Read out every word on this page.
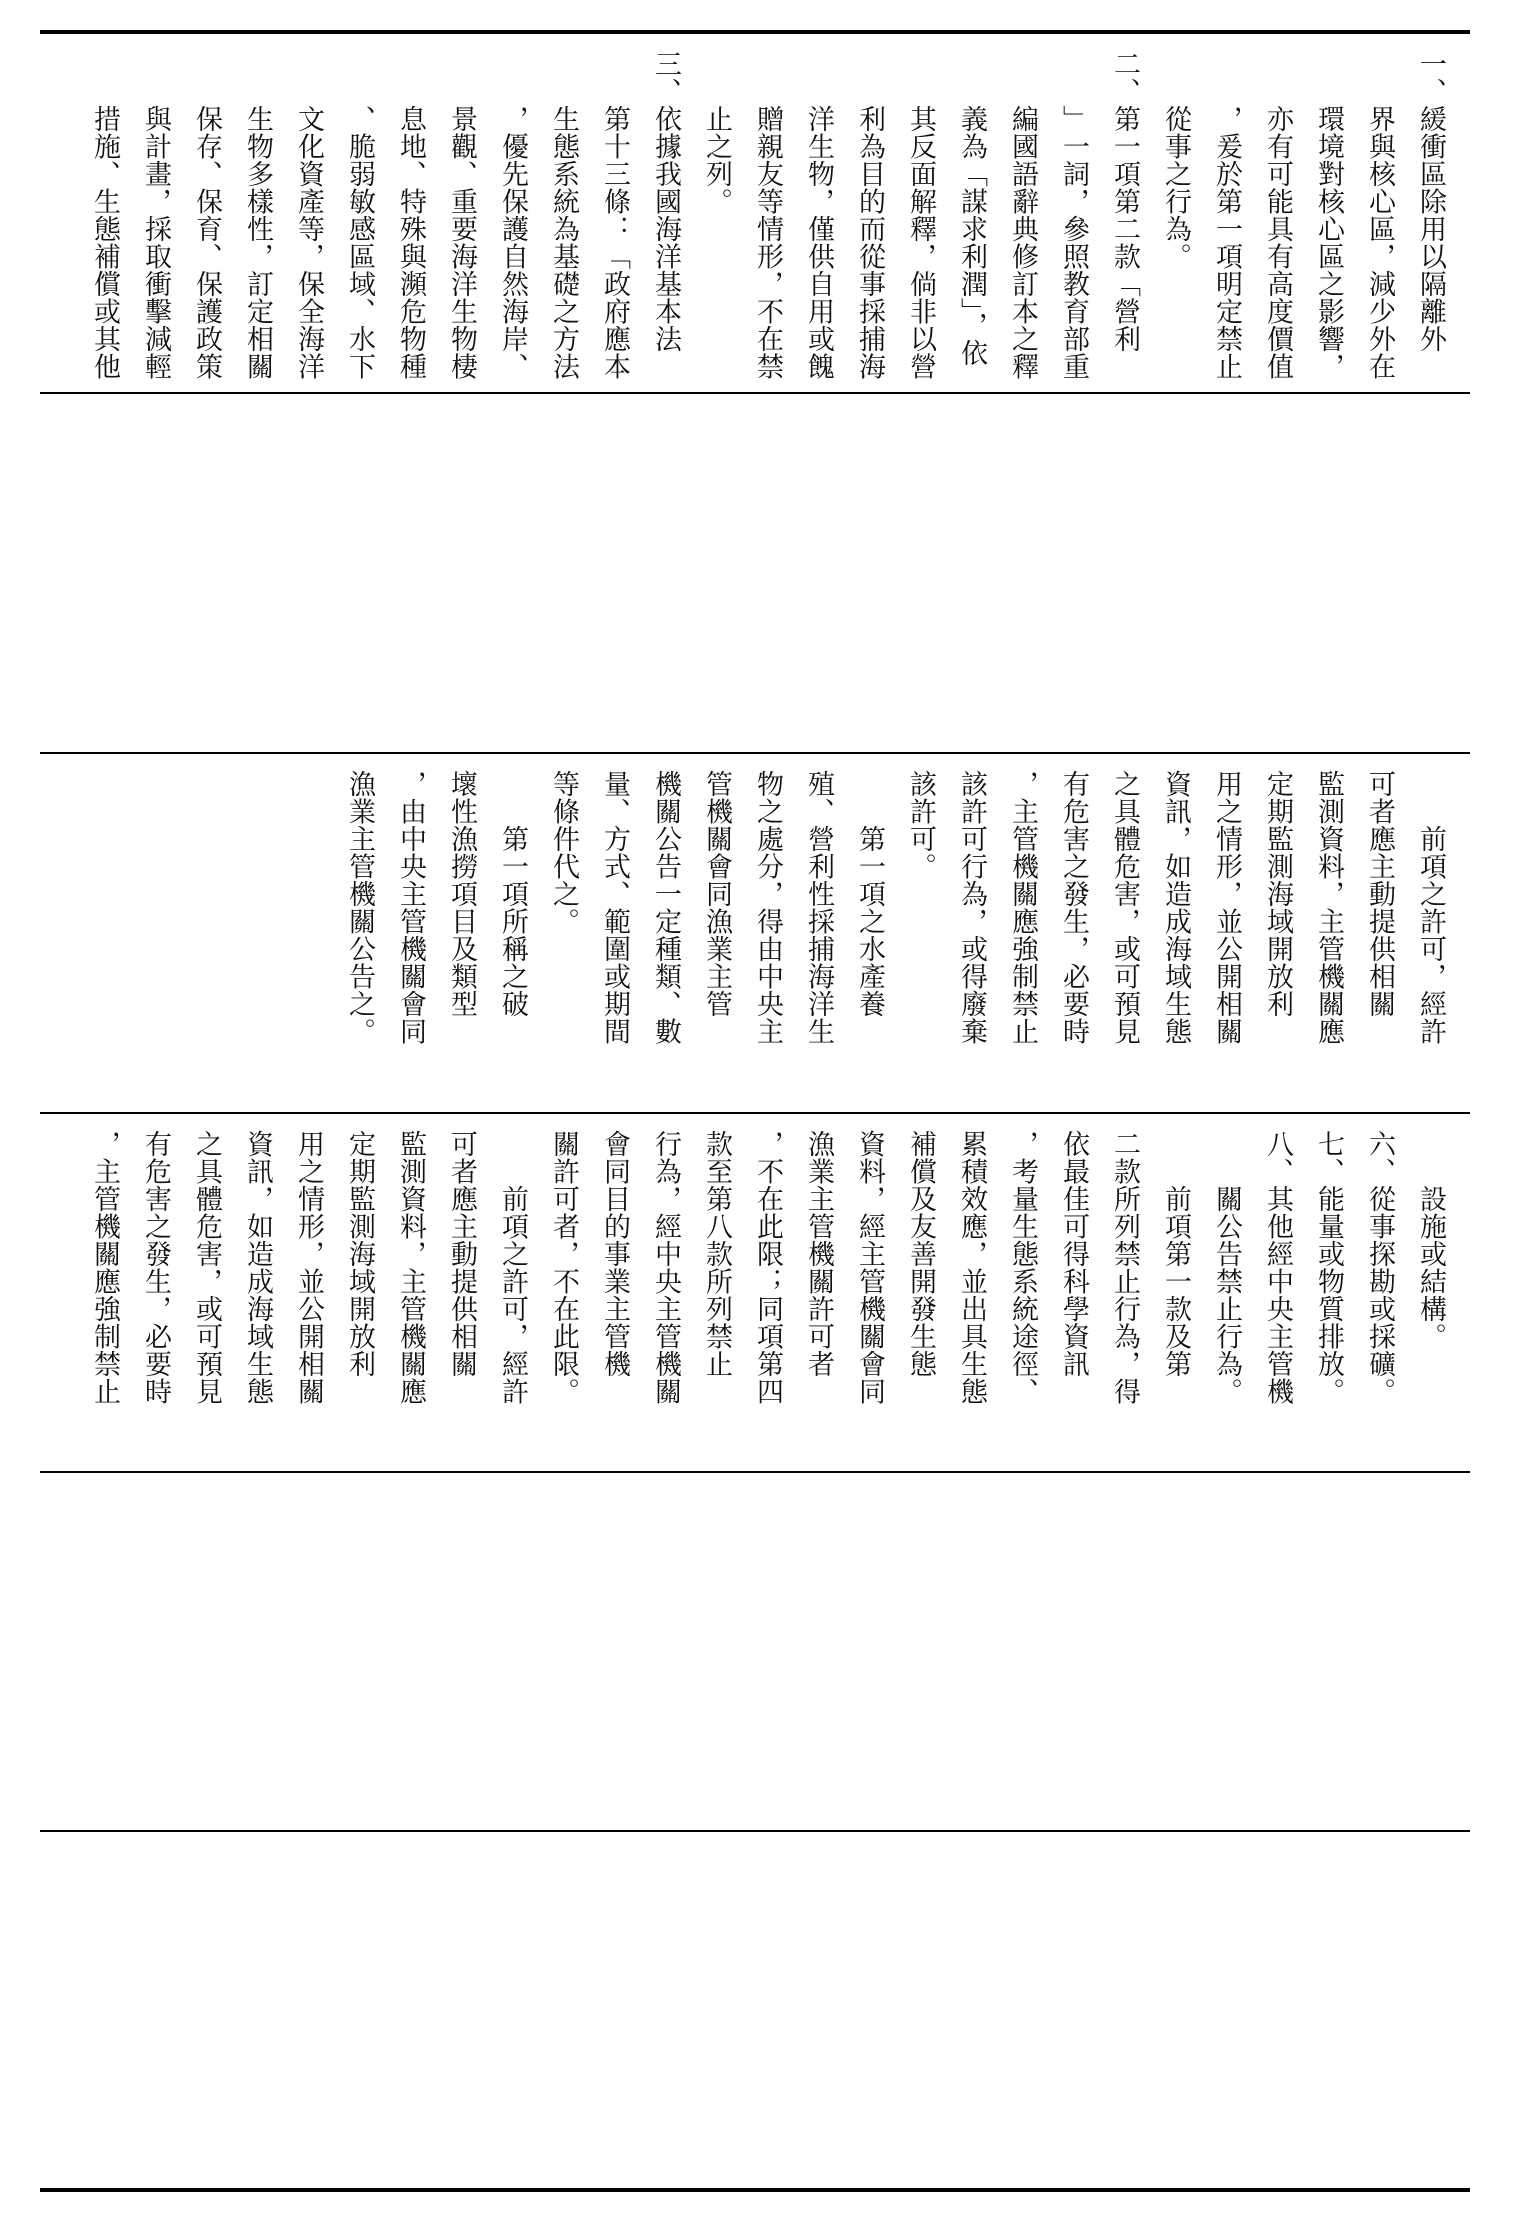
一、緩衝區除用以隔離外
　　界與核心區，減少外在
　　環境對核心區之影響，
　　亦有可能具有高度價值
　　，爰於第一項明定禁止
　　從事之行為。
二、第一項第二款「營利
　　」一詞，參照教育部重
　　編國語辭典修訂本之釋
　　義為「謀求利潤」，依
　　其反面解釋，倘非以營
　　利為目的而從事採捕海
　　洋生物，僅供自用或餽
　　贈親友等情形，不在禁
　　止之列。
三、依據我國海洋基本法
　　第十三條：「政府應本
　　生態系統為基礎之方法
　　，優先保護自然海岸、
　　景觀、重要海洋生物棲
　　息地、特殊與瀕危物種
　　、脆弱敏感區域、水下
　　文化資產等，保全海洋
　　生物多樣性，訂定相關
　　保存、保育、保護政策
　　與計畫，採取衝擊減輕
　　措施、生態補償或其他
　　前項之許可，經許
可者應主動提供相關
監測資料，主管機關應
定期監測海域開放利
用之情形，並公開相關
資訊，如造成海域生態
之具體危害，或可預見
有危害之發生，必要時
，主管機關應強制禁止
該許可行為，或得廢棄
該許可。
　　第一項之水產養
殖、營利性採捕海洋生
物之處分，得由中央主
管機關會同漁業主管
機關公告一定種類、數
量、方式、範圍或期間
等條件代之。
　　第一項所稱之破
壞性漁撈項目及類型
，由中央主管機關會同
漁業主管機關公告之。
　　設施或結構。
六、從事探勘或採礦。
七、能量或物質排放。
八、其他經中央主管機
　　關公告禁止行為。
　　前項第一款及第
二款所列禁止行為，得
依最佳可得科學資訊
，考量生態系統途徑、
累積效應，並出具生態
補償及友善開發生態
資料，經主管機關會同
漁業主管機關許可者
，不在此限；同項第四
款至第八款所列禁止
行為，經中央主管機關
會同目的事業主管機
關許可者，不在此限。
　　前項之許可，經許
可者應主動提供相關
監測資料，主管機關應
定期監測海域開放利
用之情形，並公開相關
資訊，如造成海域生態
之具體危害，或可預見
有危害之發生，必要時
，主管機關應強制禁止
